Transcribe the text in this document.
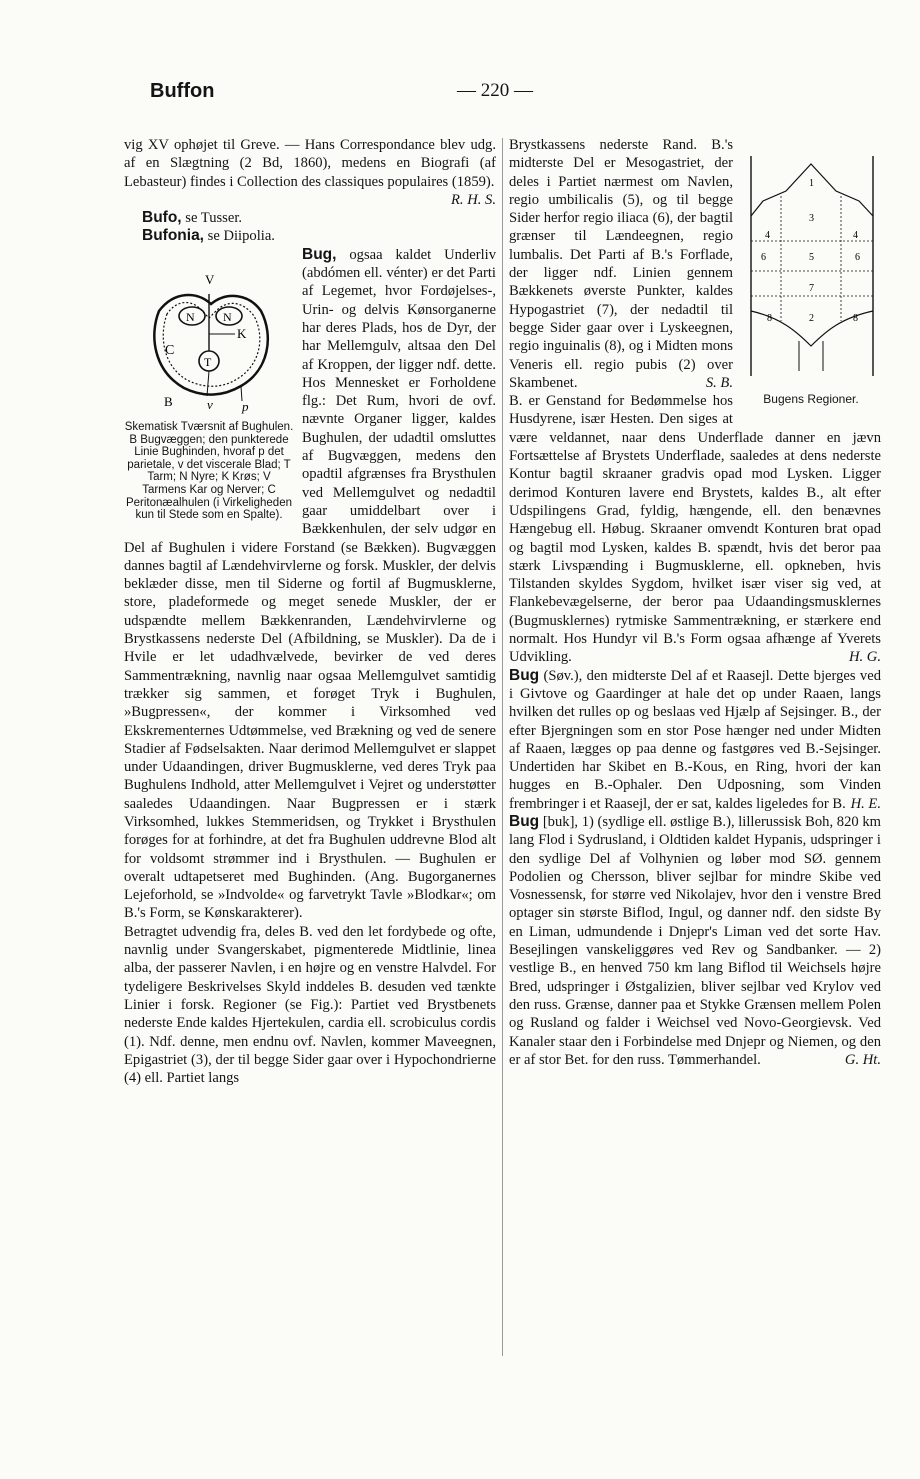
Buffon	— 220 —

vig XV ophøjet til Greve. — Hans Correspondance blev udg. af en Slægtning (2 Bd, 1860), medens en Biografi (af Lebasteur) findes i Collection des classiques populaires (1859).

R. H. S.

Bufo, se Tusser.

Bufonia, se Diipolia.

Bug,
V
N N
K
C
T
B	v p
Skematisk Tværsnit af Bughulen. B Bugvæggen; den punkterede Linie Bughinden, hvoraf p det parietale, v det viscerale Blad; T Tarm; N Nyre; K Krøs; V Tarmens Kar og Nerver; C Peritonæalhulen (i Virkeligheden kun til Stede som en Spalte).
ogsaa kaldet Underliv (abdómen ell. vénter) er det Parti af Legemet, hvor Fordøjelses-, Urin- og delvis Kønsorganerne har deres Plads, hos de Dyr, der har Mellemgulv, altsaa den Del af Kroppen, der ligger ndf. dette. Hos Mennesket er Forholdene flg.: Det Rum, hvori de ovf. nævnte Organer ligger, kaldes Bughulen, der udadtil omsluttes af Bugvæggen, medens den opadtil afgrænses fra Brysthulen ved Mellemgulvet og nedadtil gaar umiddelbart over i Bækkenhulen, der selv udgør en Del af Bughulen i videre Forstand (se Bækken). Bugvæggen dannes bagtil af Lændehvirvlerne og forsk. Muskler, der delvis beklæder disse, men til Siderne og fortil af Bugmusklerne, store, pladeformede og meget senede Muskler, der er udspændte mellem Bækkenranden, Lændehvirvlerne og Brystkassens nederste Del (Afbildning, se Muskler). Da de i Hvile er let udadhvælvede, bevirker de ved deres Sammentrækning, navnlig naar ogsaa Mellemgulvet samtidig trækker sig sammen, et forøget Tryk i Bughulen, »Bugpressen«, der kommer i Virksomhed ved Ekskrementernes Udtømmelse, ved Brækning og ved de senere Stadier af Fødselsakten. Naar derimod Mellemgulvet er slappet under Udaandingen, driver Bugmusklerne, ved deres Tryk paa Bughulens Indhold, atter Mellemgulvet i Vejret og understøtter saaledes Udaandingen. Naar Bugpressen er i stærk Virksomhed, lukkes Stemmeridsen, og Trykket i Brysthulen forøges for at forhindre, at det fra Bughulen uddrevne Blod alt for voldsomt strømmer ind i Brysthulen. — Bughulen er overalt udtapetseret med Bughinden. (Ang. Bugorganernes Lejeforhold, se »Indvolde« og farvetrykt Tavle »Blodkar«; om B.'s Form, se Kønskarakterer).

Betragtet udvendig fra, deles B. ved den let fordybede og ofte, navnlig under Svangerskabet, pigmenterede Midtlinie, linea alba, der passerer Navlen, i en højre og en venstre Halvdel. For tydeligere Beskrivelses Skyld inddeles B. desuden ved tænkte Linier i forsk. Regioner (se Fig.): Partiet ved Brystbenets nederste Ende kaldes Hjertekulen, cardia ell. scrobiculus cordis (1). Ndf. denne, men endnu ovf. Navlen, kommer Maveegnen, Epigastriet (3), der til begge Sider gaar over i Hypochondrierne (4) ell. Partiet langs

1
3
4	4
5
6	6
7
8	8
2
Bugens Regioner.
Brystkassens nederste Rand. B.'s midterste Del er Mesogastriet, der deles i Partiet nærmest om Navlen, regio umbilicalis (5), og til begge Sider herfor regio iliaca (6), der bagtil grænser til Lændeegnen, regio lumbalis. Det Parti af B.'s Forflade, der ligger ndf. Linien gennem Bækkenets øverste Punkter, kaldes Hypogastriet (7), der nedadtil til begge Sider gaar over i Lyskeegnen, regio inguinalis (8), og i Midten mons Veneris ell. regio pubis (2) over Skambenet.	S. B.

B. er Genstand for Bedømmelse hos Husdyrene, især Hesten. Den siges at være veldannet, naar dens Underflade danner en jævn Fortsættelse af Brystets Underflade, saaledes at dens nederste Kontur bagtil skraaner gradvis opad mod Lysken. Ligger derimod Konturen lavere end Brystets, kaldes B., alt efter Udspilingens Grad, fyldig, hængende, ell. den benævnes Hængebug ell. Høbug. Skraaner omvendt Konturen brat opad og bagtil mod Lysken, kaldes B. spændt, hvis det beror paa stærk Livspænding i Bugmusklerne, ell. opkneben, hvis Tilstanden skyldes Sygdom, hvilket især viser sig ved, at Flankebevægelserne, der beror paa Udaandingsmusklernes (Bugmusklernes) rytmiske Sammentrækning, er stærkere end normalt. Hos Hundyr vil B.'s Form ogsaa afhænge af Yverets Udvikling.	H. G.

Bug (Søv.), den midterste Del af et Raasejl. Dette bjerges ved i Givtove og Gaardinger at hale det op under Raaen, langs hvilken det rulles op og beslaas ved Hjælp af Sejsinger. B., der efter Bjergningen som en stor Pose hænger ned under Midten af Raaen, lægges op paa denne og fastgøres ved B.-Sejsinger. Undertiden har Skibet en B.-Kous, en Ring, hvori der kan hugges en B.-Ophaler. Den Udposning, som Vinden frembringer i et Raasejl, der er sat, kaldes ligeledes for B. H. E.

Bug [buk], 1) (sydlige ell. østlige B.), lillerussisk Boh, 820 km lang Flod i Sydrusland, i Oldtiden kaldet Hypanis, udspringer i den sydlige Del af Volhynien og løber mod SØ. gennem Podolien og Chersson, bliver sejlbar for mindre Skibe ved Vosnessensk, for større ved Nikolajev, hvor den i venstre Bred optager sin største Biflod, Ingul, og danner ndf. den sidste By en Liman, udmundende i Dnjepr's Liman ved det sorte Hav. Besejlingen vanskeliggøres ved Rev og Sandbanker. — 2) vestlige B., en henved 750 km lang Biflod til Weichsels højre Bred, udspringer i Østgalizien, bliver sejlbar ved Krylov ved den russ. Grænse, danner paa et Stykke Grænsen mellem Polen og Rusland og falder i Weichsel ved Novo-Georgievsk. Ved Kanaler staar den i Forbindelse med Dnjepr og Niemen, og den er af stor Bet. for den russ. Tømmerhandel.	G. Ht.
